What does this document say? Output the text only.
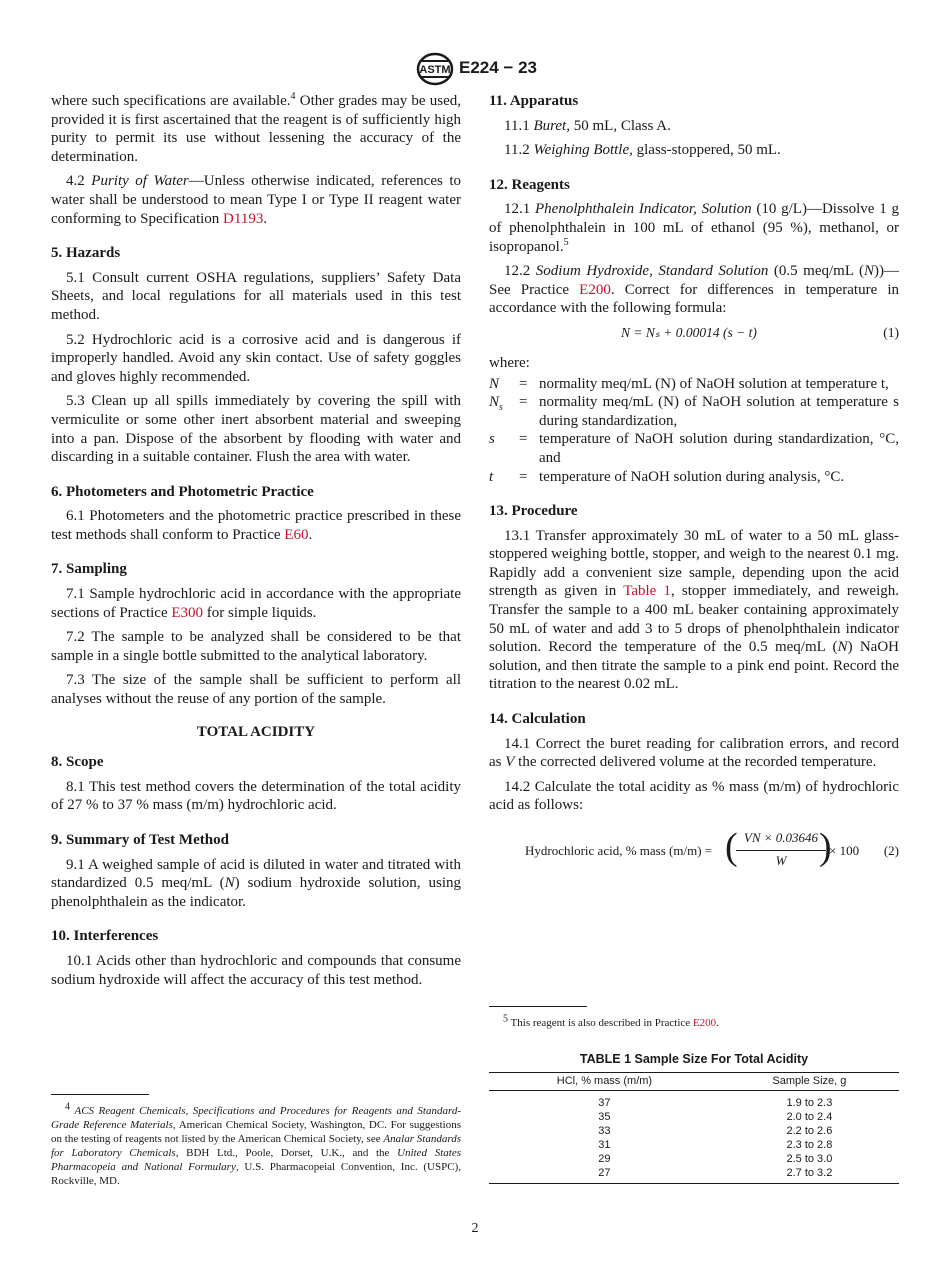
ASTM E224 − 23

where such specifications are available.$^4$ Other grades may be used, provided it is first ascertained that the reagent is of sufficiently high purity to permit its use without lessening the accuracy of the determination.

4.2 Purity of Water—Unless otherwise indicated, references to water shall be understood to mean Type I or Type II reagent water conforming to Specification D1193.

5. Hazards

5.1 Consult current OSHA regulations, suppliers’ Safety Data Sheets, and local regulations for all materials used in this test method.

5.2 Hydrochloric acid is a corrosive acid and is dangerous if improperly handled. Avoid any skin contact. Use of safety goggles and gloves highly recommended.

5.3 Clean up all spills immediately by covering the spill with vermiculite or some other inert absorbent material and sweeping into a pan. Dispose of the absorbent by flooding with water and discarding in a suitable container. Flush the area with water.

6. Photometers and Photometric Practice

6.1 Photometers and the photometric practice prescribed in these test methods shall conform to Practice E60.

7. Sampling

7.1 Sample hydrochloric acid in accordance with the appropriate sections of Practice E300 for simple liquids.

7.2 The sample to be analyzed shall be considered to be that sample in a single bottle submitted to the analytical laboratory.

7.3 The size of the sample shall be sufficient to perform all analyses without the reuse of any portion of the sample.

TOTAL ACIDITY
8. Scope

8.1 This test method covers the determination of the total acidity of 27 % to 37 % mass (m/m) hydrochloric acid.

9. Summary of Test Method

9.1 A weighed sample of acid is diluted in water and titrated with standardized 0.5 meq/mL (N) sodium hydroxide solution, using phenolphthalein as the indicator.

10. Interferences

10.1 Acids other than hydrochloric and compounds that consume sodium hydroxide will affect the accuracy of this test method.

$^4$ ACS Reagent Chemicals, Specifications and Procedures for Reagents and Standard-Grade Reference Materials, American Chemical Society, Washington, DC. For suggestions on the testing of reagents not listed by the American Chemical Society, see Analar Standards for Laboratory Chemicals, BDH Ltd., Poole, Dorset, U.K., and the United States Pharmacopeia and National Formulary, U.S. Pharmacopeial Convention, Inc. (USPC), Rockville, MD.
11. Apparatus

11.1 Buret, 50 mL, Class A.

11.2 Weighing Bottle, glass-stoppered, 50 mL.

12. Reagents

12.1 Phenolphthalein Indicator, Solution (10 g/L)—Dissolve 1 g of phenolphthalein in 100 mL of ethanol (95 %), methanol, or isopropanol.$^5$

12.2 Sodium Hydroxide, Standard Solution (0.5 meq/mL (N))—See Practice E200. Correct for differences in temperature in accordance with the following formula:

N = Nₛ + 0.00014 (s − t)	(1)
where:
N	= normality meq/mL (N) of NaOH solution at temperature t,
$N_s$	= normality meq/mL (N) of NaOH solution at temperature s during standardization,
s	= temperature of NaOH solution during standardization, °C, and
t	= temperature of NaOH solution during analysis, °C.
13. Procedure

13.1 Transfer approximately 30 mL of water to a 50 mL glass-stoppered weighing bottle, stopper, and weigh to the nearest 0.1 mg. Rapidly add a convenient size sample, depending upon the acid strength as given in Table 1, stopper immediately, and reweigh. Transfer the sample to a 400 mL beaker containing approximately 50 mL of water and add 3 to 5 drops of phenolphthalein indicator solution. Record the temperature of the 0.5 meq/mL (N) NaOH solution, and then titrate the sample to a pink end point. Record the titration to the nearest 0.02 mL.

14. Calculation

14.1 Correct the buret reading for calibration errors, and record as V the corrected delivered volume at the recorded temperature.

14.2 Calculate the total acidity as % mass (m/m) of hydrochloric acid as follows:

Hydrochloric acid, % mass (m/m) = (
$\frac{VN \times 0.03646}{W}$
)
× 100 (2)
$^5$ This reagent is also described in Practice E200.
TABLE 1 Sample Size For Total Acidity
HCl, % mass (m/m)	Sample Size, g
37	1.9 to 2.3
35	2.0 to 2.4
33	2.2 to 2.6
31	2.3 to 2.8
29	2.5 to 3.0
27	2.7 to 3.2
2
